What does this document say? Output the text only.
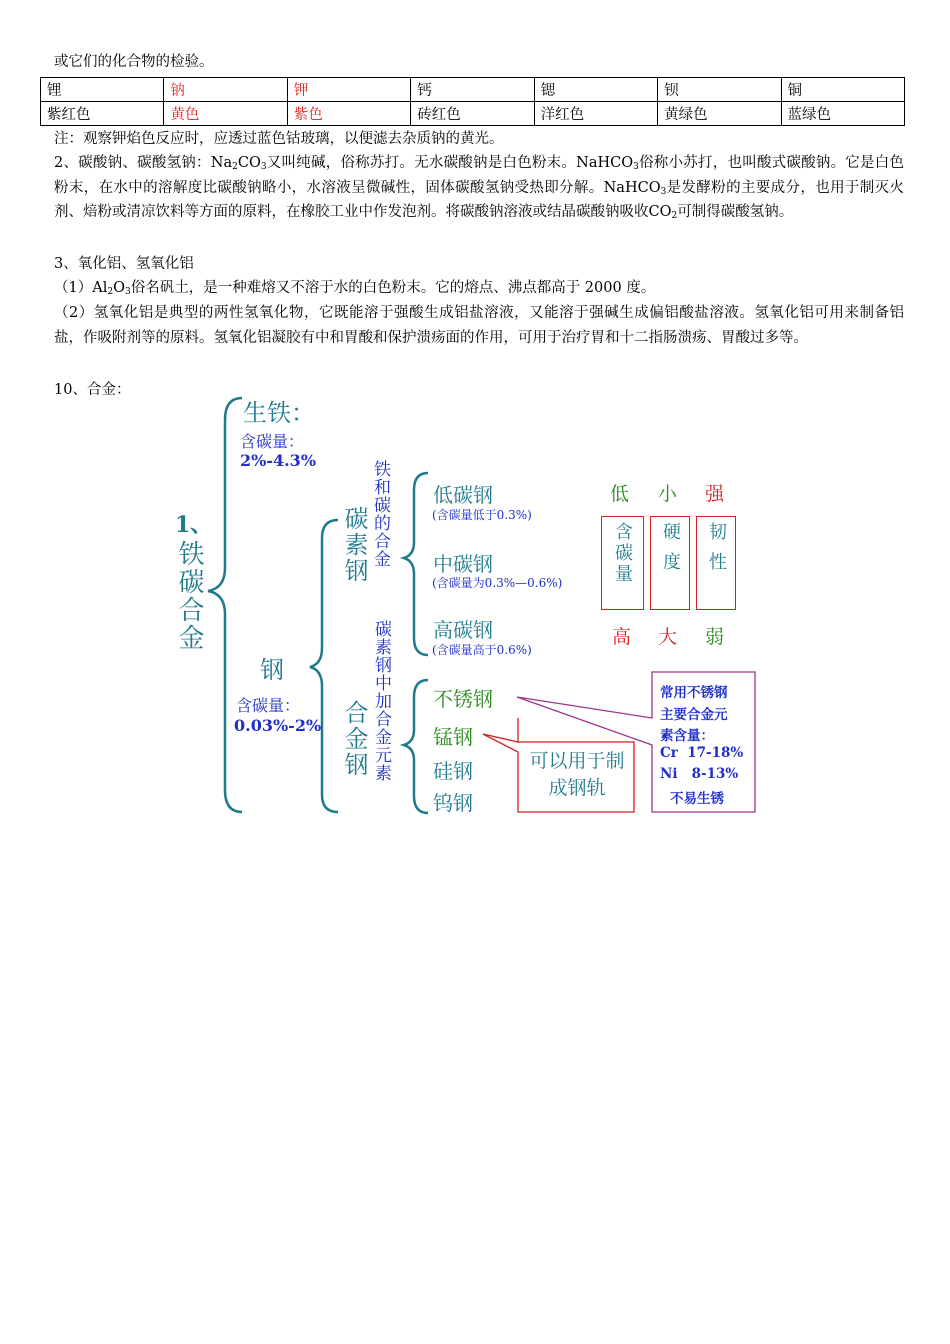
或它们的化合物的检验。
锂	钠	钾	钙	锶	钡	铜
紫红色	黄色	紫色	砖红色	洋红色	黄绿色	蓝绿色
注：观察钾焰色反应时，应透过蓝色钴玻璃，以便滤去杂质钠的黄光。
2、碳酸钠、碳酸氢钠：$Na_2CO_3$又叫纯碱，俗称苏打。无水碳酸钠是白色粉末。NaHCO$_3$俗称小苏打，也叫酸式碳酸钠。它是白色粉末，在水中的溶解度比碳酸钠略小，水溶液呈微碱性，固体碳酸氢钠受热即分解。NaHCO$_3$是发酵粉的主要成分，也用于制灭火剂、焙粉或清凉饮料等方面的原料，在橡胶工业中作发泡剂。将碳酸钠溶液或结晶碳酸钠吸收$CO_2$可制得碳酸氢钠。
3、氧化铝、氢氧化铝
$(1)Al_2O_3$俗名矾土，是一种难熔又不溶于水的白色粉末。它的熔点、沸点都高于 2000 度。
（2）氢氧化铝是典型的两性氢氧化物，它既能溶于强酸生成铝盐溶液，又能溶于强碱生成偏铝酸盐溶液。氢氧化铝可用来制备铝盐，作吸附剂等的原料。氢氧化铝凝胶有中和胃酸和保护溃疡面的作用，可用于治疗胃和十二指肠溃疡、胃酸过多等。
10、合金：
生铁：
含碳量：
2%-4.3%
1、
铁碳合金
钢
含碳量：
0.03%-2%
碳素钢 铁和碳的合金
合金钢 碳素钢中加合金元素
低碳钢
(含碳量低于0.3%)
中碳钢
(含碳量为0.3%—0.6%)
高碳钢
(含碳量高于0.6%)
低 小 强
含碳量 硬度 韧性
高 大 弱
不锈钢
锰钢
硅钢
钨钢
可以用于制成钢轨
常用不锈钢
主要合金元
素含量：
Cr  17-18%
Ni   8-13%
不易生锈
